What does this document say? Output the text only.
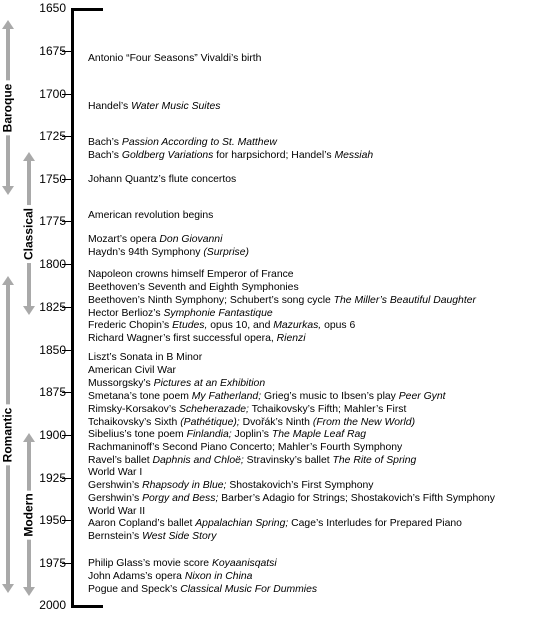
1650
1675
1700
1725
1750
1775
1800
1825
1850
1875
1900
1925
1950
1975
2000
Baroque
Classical
Romantic
Modern
Antonio “Four Seasons” Vivaldi’s birth
Handel’s Water Music Suites
Bach’s Passion According to St. Matthew
Bach’s Goldberg Variations for harpsichord; Handel’s Messiah
Johann Quantz’s flute concertos
American revolution begins
Mozart’s opera Don Giovanni
Haydn’s 94th Symphony (Surprise)
Napoleon crowns himself Emperor of France
Beethoven’s Seventh and Eighth Symphonies
Beethoven’s Ninth Symphony; Schubert’s song cycle The Miller’s Beautiful Daughter
Hector Berlioz’s Symphonie Fantastique
Frederic Chopin’s Etudes, opus 10, and Mazurkas, opus 6
Richard Wagner’s first successful opera, Rienzi
Liszt’s Sonata in B Minor
American Civil War
Mussorgsky’s Pictures at an Exhibition
Smetana’s tone poem My Fatherland; Grieg’s music to Ibsen’s play Peer Gynt
Rimsky-Korsakov’s Scheherazade; Tchaikovsky’s Fifth; Mahler’s First
Tchaikovsky’s Sixth (Pathétique); Dvořák’s Ninth (From the New World)
Sibelius’s tone poem Finlandia; Joplin’s The Maple Leaf Rag
Rachmaninoff’s Second Piano Concerto; Mahler’s Fourth Symphony
Ravel’s ballet Daphnis and Chloë; Stravinsky’s ballet The Rite of Spring
World War I
Gershwin’s Rhapsody in Blue; Shostakovich’s First Symphony
Gershwin’s Porgy and Bess; Barber’s Adagio for Strings; Shostakovich’s Fifth Symphony
World War II
Aaron Copland’s ballet Appalachian Spring; Cage’s Interludes for Prepared Piano
Bernstein’s West Side Story
Philip Glass’s movie score Koyaanisqatsi
John Adams’s opera Nixon in China
Pogue and Speck’s Classical Music For Dummies
